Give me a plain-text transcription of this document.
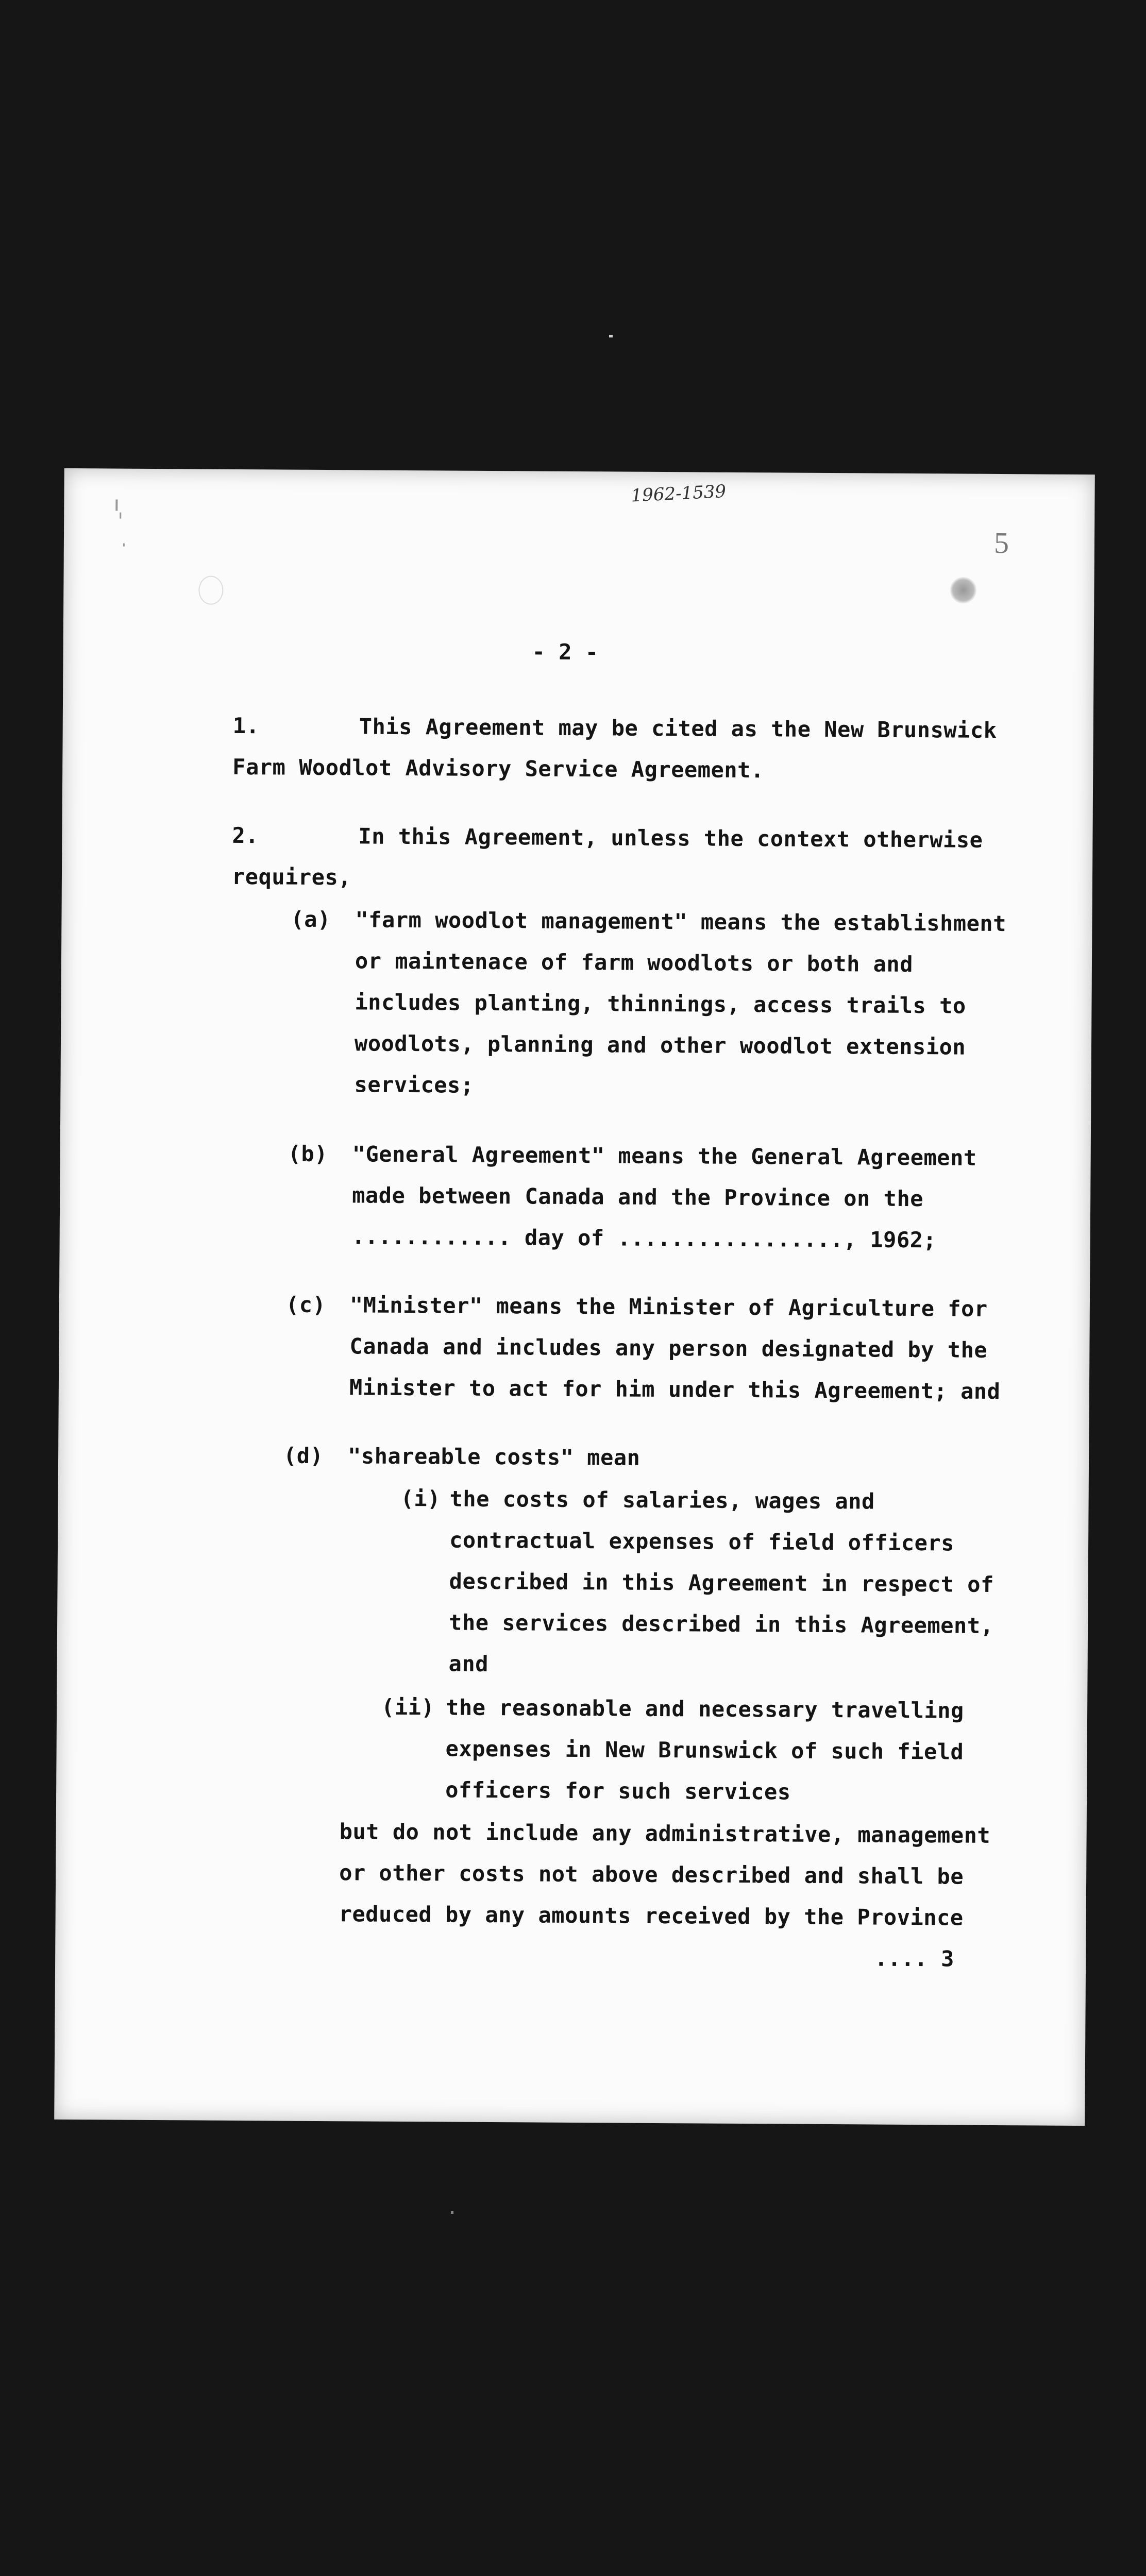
1962-1539
5
- 2 -
1.	This Agreement may be cited as the New Brunswick
Farm Woodlot Advisory Service Agreement.
2.	In this Agreement, unless the context otherwise
requires,
(a) "farm woodlot management" means the establishment
or maintenace of farm woodlots or both and
includes planting, thinnings, access trails to
woodlots, planning and other woodlot extension
services;
(b) "General Agreement" means the General Agreement
made between Canada and the Province on the
............ day of ................., 1962;
(c) "Minister" means the Minister of Agriculture for
Canada and includes any person designated by the
Minister to act for him under this Agreement; and
(d) "shareable costs" mean
(i) the costs of salaries, wages and
contractual expenses of field officers
described in this Agreement in respect of
the services described in this Agreement,
and
(ii) the reasonable and necessary travelling
expenses in New Brunswick of such field
officers for such services
but do not include any administrative, management
or other costs not above described and shall be
reduced by any amounts received by the Province
.... 3
